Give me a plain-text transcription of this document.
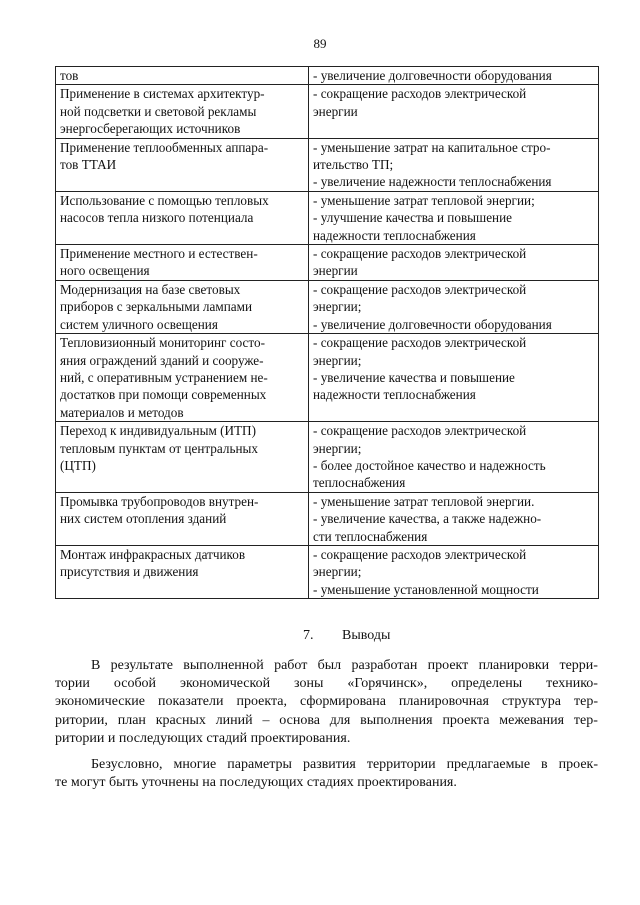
89
тов	- увеличение долговечности оборудования

Применение в системах архитектур-
ной подсветки и световой рекламы
энергосберегающих источников	- сокращение расходов электрической
энергии

Применение теплообменных аппара-
тов ТТАИ	- уменьшение затрат на капитальное стро-
ительство ТП;
- увеличение надежности теплоснабжения

Использование с помощью тепловых
насосов тепла низкого потенциала	- уменьшение затрат тепловой энергии;
- улучшение качества и повышение
надежности теплоснабжения

Применение местного и естествен-
ного освещения	- сокращение расходов электрической
энергии

Модернизация на базе световых
приборов с зеркальными лампами
систем уличного освещения	- сокращение расходов электрической
энергии;
- увеличение долговечности оборудования

Тепловизионный мониторинг состо-
яния ограждений зданий и сооруже-
ний, с оперативным устранением не-
достатков при помощи современных
материалов и методов	- сокращение расходов электрической
энергии;
- увеличение качества и повышение
надежности теплоснабжения

Переход к индивидуальным (ИТП)
тепловым пунктам от центральных
(ЦТП)	- сокращение расходов электрической
энергии;
- более достойное качество и надежность
теплоснабжения

Промывка трубопроводов внутрен-
них систем отопления зданий	- уменьшение затрат тепловой энергии.
- увеличение качества, а также надежно-
сти теплоснабжения

Монтаж инфракрасных датчиков
присутствия и движения	- сокращение расходов электрической
энергии;
- уменьшение установленной мощности
7. Выводы
В результате выполненной работ был разработан проект планировки терри-
тории особой экономической зоны «Горячинск», определены технико-
экономические показатели проекта, сформирована планировочная структура тер-
ритории, план красных линий – основа для выполнения проекта межевания тер-
ритории и последующих стадий проектирования.
Безусловно, многие параметры развития территории предлагаемые в проек-
те могут быть уточнены на последующих стадиях проектирования.
